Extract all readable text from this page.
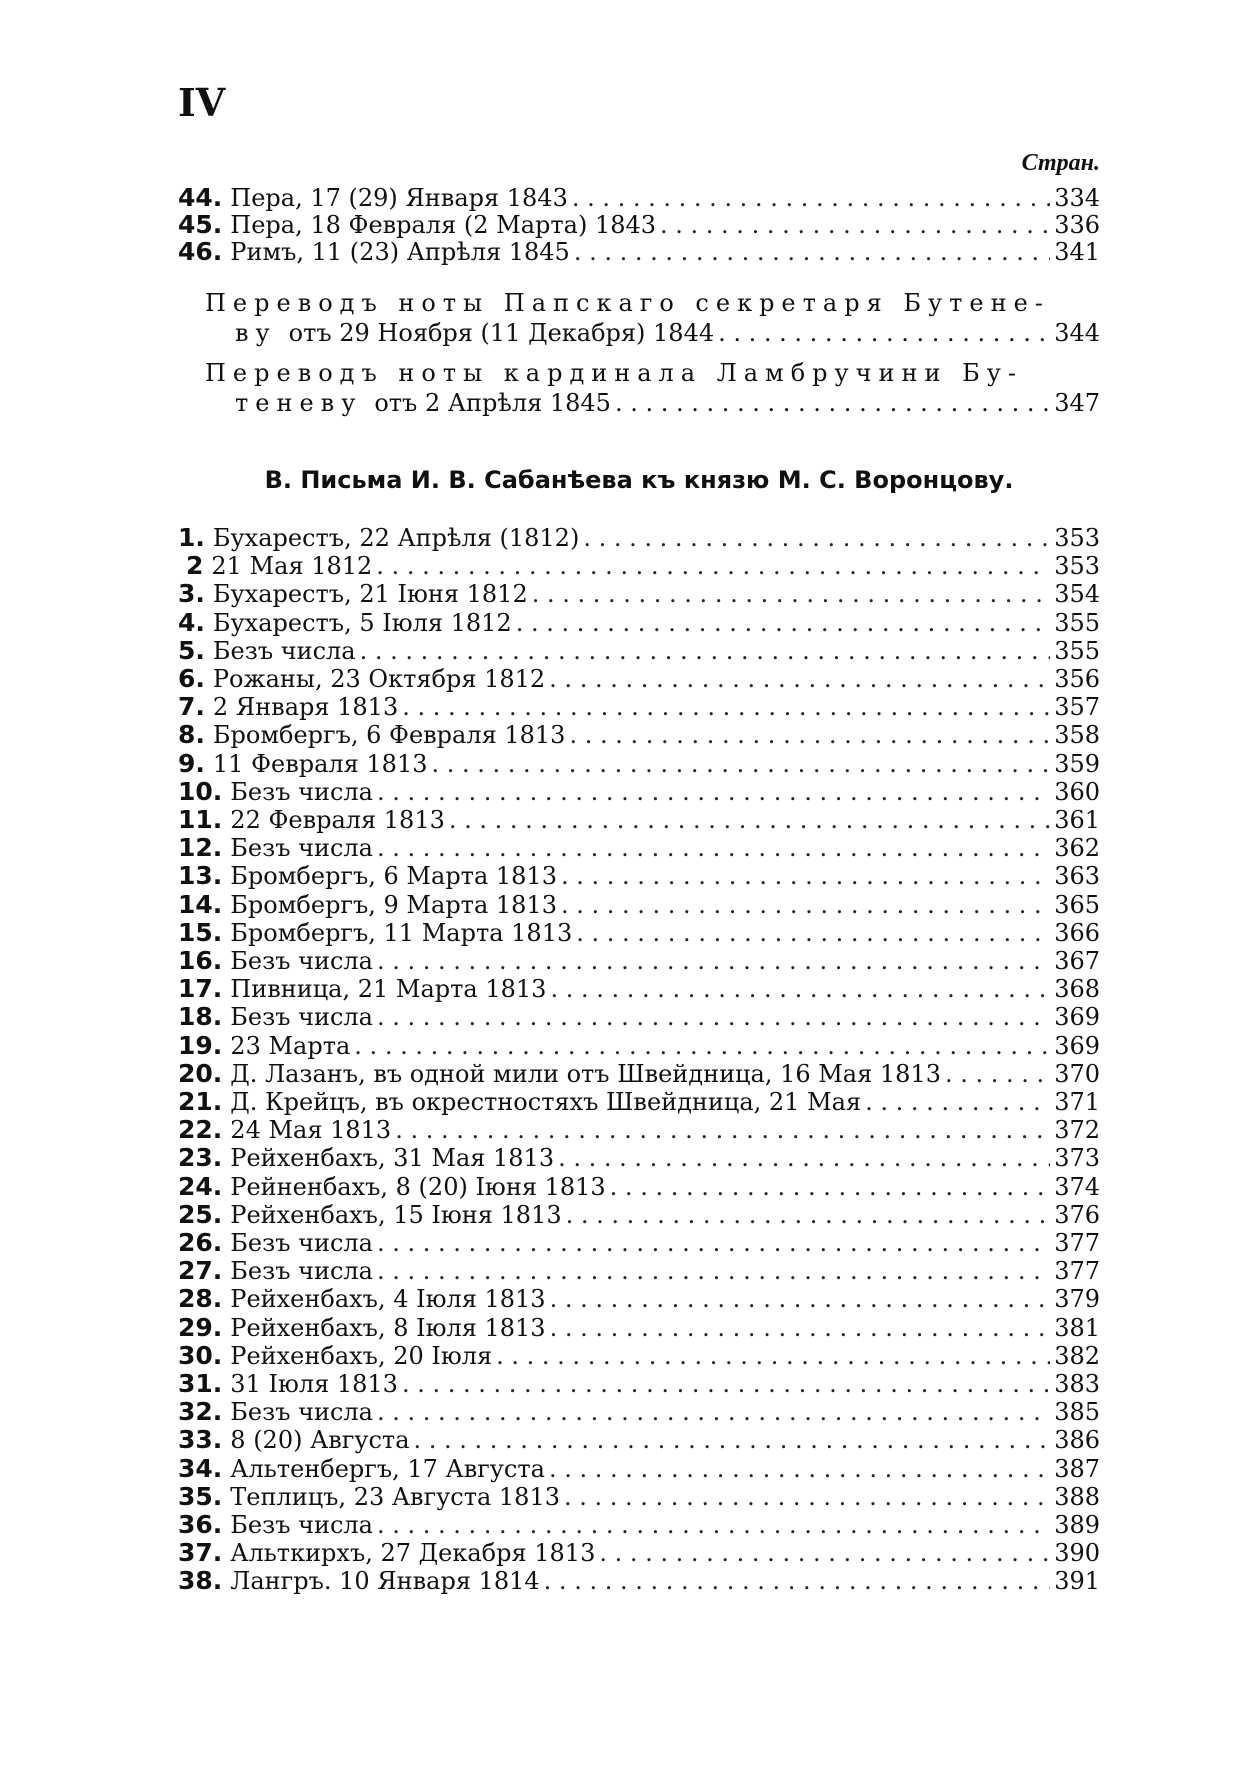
IV
Стран.
44. Пера, 17 (29) Января 1843 . . .	334
45. Пера, 18 Февраля (2 Марта) 1843 . . .	336
46. Римъ, 11 (23) Апрѣля 1845 . . .	341
Переводъ ноты Папскаго секретаря Бутене-
ву отъ 29 Ноября (11 Декабря) 1844 . . .	344
Переводъ ноты кардинала Ламбручини Бу-
теневу отъ 2 Апрѣля 1845 . . .	347
B. Письма И. В. Сабанѣева къ князю М. С. Воронцову.
1. Бухарестъ, 22 Апрѣля (1812) . . .	353
2 21 Мая 1812 . . .	353
3. Бухарестъ, 21 Іюня 1812 . . .	354
4. Бухарестъ, 5 Іюля 1812 . . .	355
5. Безъ числа . . .	355
6. Рожаны, 23 Октября 1812 . . .	356
7. 2 Января 1813 . . .	357
8. Бромбергъ, 6 Февраля 1813 . . .	358
9. 11 Февраля 1813 . . .	359
10. Безъ числа . . .	360
11. 22 Февраля 1813 . . .	361
12. Безъ числа . . .	362
13. Бромбергъ, 6 Марта 1813 . . .	363
14. Бромбергъ, 9 Марта 1813 . . .	365
15. Бромбергъ, 11 Марта 1813 . . .	366
16. Безъ числа . . .	367
17. Пивница, 21 Марта 1813 . . .	368
18. Безъ числа . . .	369
19. 23 Марта . . .	369
20. Д. Лазанъ, въ одной мили отъ Швейдница, 16 Мая 1813 . . .	370
21. Д. Крейцъ, въ окрестностяхъ Швейдница, 21 Мая . . .	371
22. 24 Мая 1813 . . .	372
23. Рейхенбахъ, 31 Мая 1813 . . .	373
24. Рейненбахъ, 8 (20) Іюня 1813 . . .	374
25. Рейхенбахъ, 15 Іюня 1813 . . .	376
26. Безъ числа . . .	377
27. Безъ числа . . .	377
28. Рейхенбахъ, 4 Іюля 1813 . . .	379
29. Рейхенбахъ, 8 Іюля 1813 . . .	381
30. Рейхенбахъ, 20 Іюля . . .	382
31. 31 Іюля 1813 . . .	383
32. Безъ числа . . .	385
33. 8 (20) Августа . . .	386
34. Альтенбергъ, 17 Августа . . .	387
35. Теплицъ, 23 Августа 1813 . . .	388
36. Безъ числа . . .	389
37. Альткирхъ, 27 Декабря 1813 . . .	390
38. Лангръ. 10 Января 1814 . . .	391
